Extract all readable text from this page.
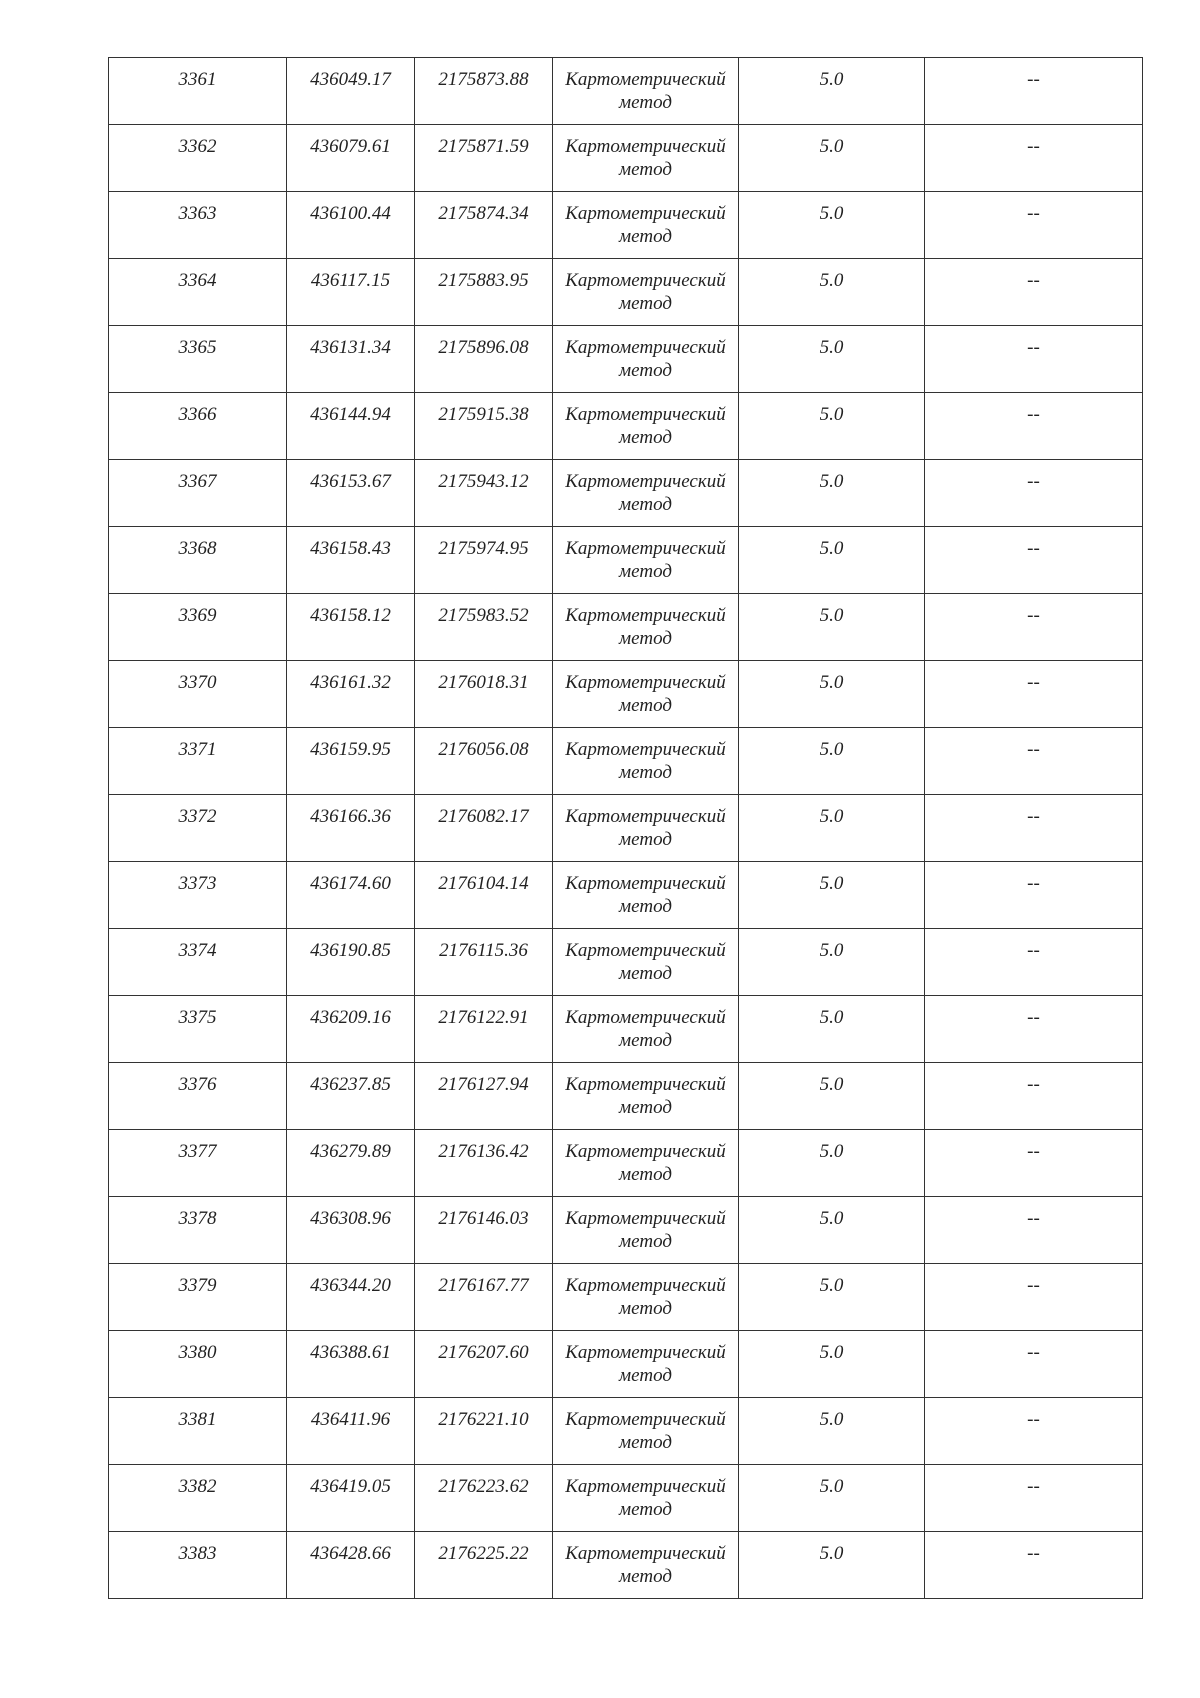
3361	436049.17	2175873.88	Картометрический метод	5.0	--

3362	436079.61	2175871.59	Картометрический метод	5.0	--

3363	436100.44	2175874.34	Картометрический метод	5.0	--

3364	436117.15	2175883.95	Картометрический метод	5.0	--

3365	436131.34	2175896.08	Картометрический метод	5.0	--

3366	436144.94	2175915.38	Картометрический метод	5.0	--

3367	436153.67	2175943.12	Картометрический метод	5.0	--

3368	436158.43	2175974.95	Картометрический метод	5.0	--

3369	436158.12	2175983.52	Картометрический метод	5.0	--

3370	436161.32	2176018.31	Картометрический метод	5.0	--

3371	436159.95	2176056.08	Картометрический метод	5.0	--

3372	436166.36	2176082.17	Картометрический метод	5.0	--

3373	436174.60	2176104.14	Картометрический метод	5.0	--

3374	436190.85	2176115.36	Картометрический метод	5.0	--

3375	436209.16	2176122.91	Картометрический метод	5.0	--

3376	436237.85	2176127.94	Картометрический метод	5.0	--

3377	436279.89	2176136.42	Картометрический метод	5.0	--

3378	436308.96	2176146.03	Картометрический метод	5.0	--

3379	436344.20	2176167.77	Картометрический метод	5.0	--

3380	436388.61	2176207.60	Картометрический метод	5.0	--

3381	436411.96	2176221.10	Картометрический метод	5.0	--

3382	436419.05	2176223.62	Картометрический метод	5.0	--

3383	436428.66	2176225.22	Картометрический метод	5.0	--
